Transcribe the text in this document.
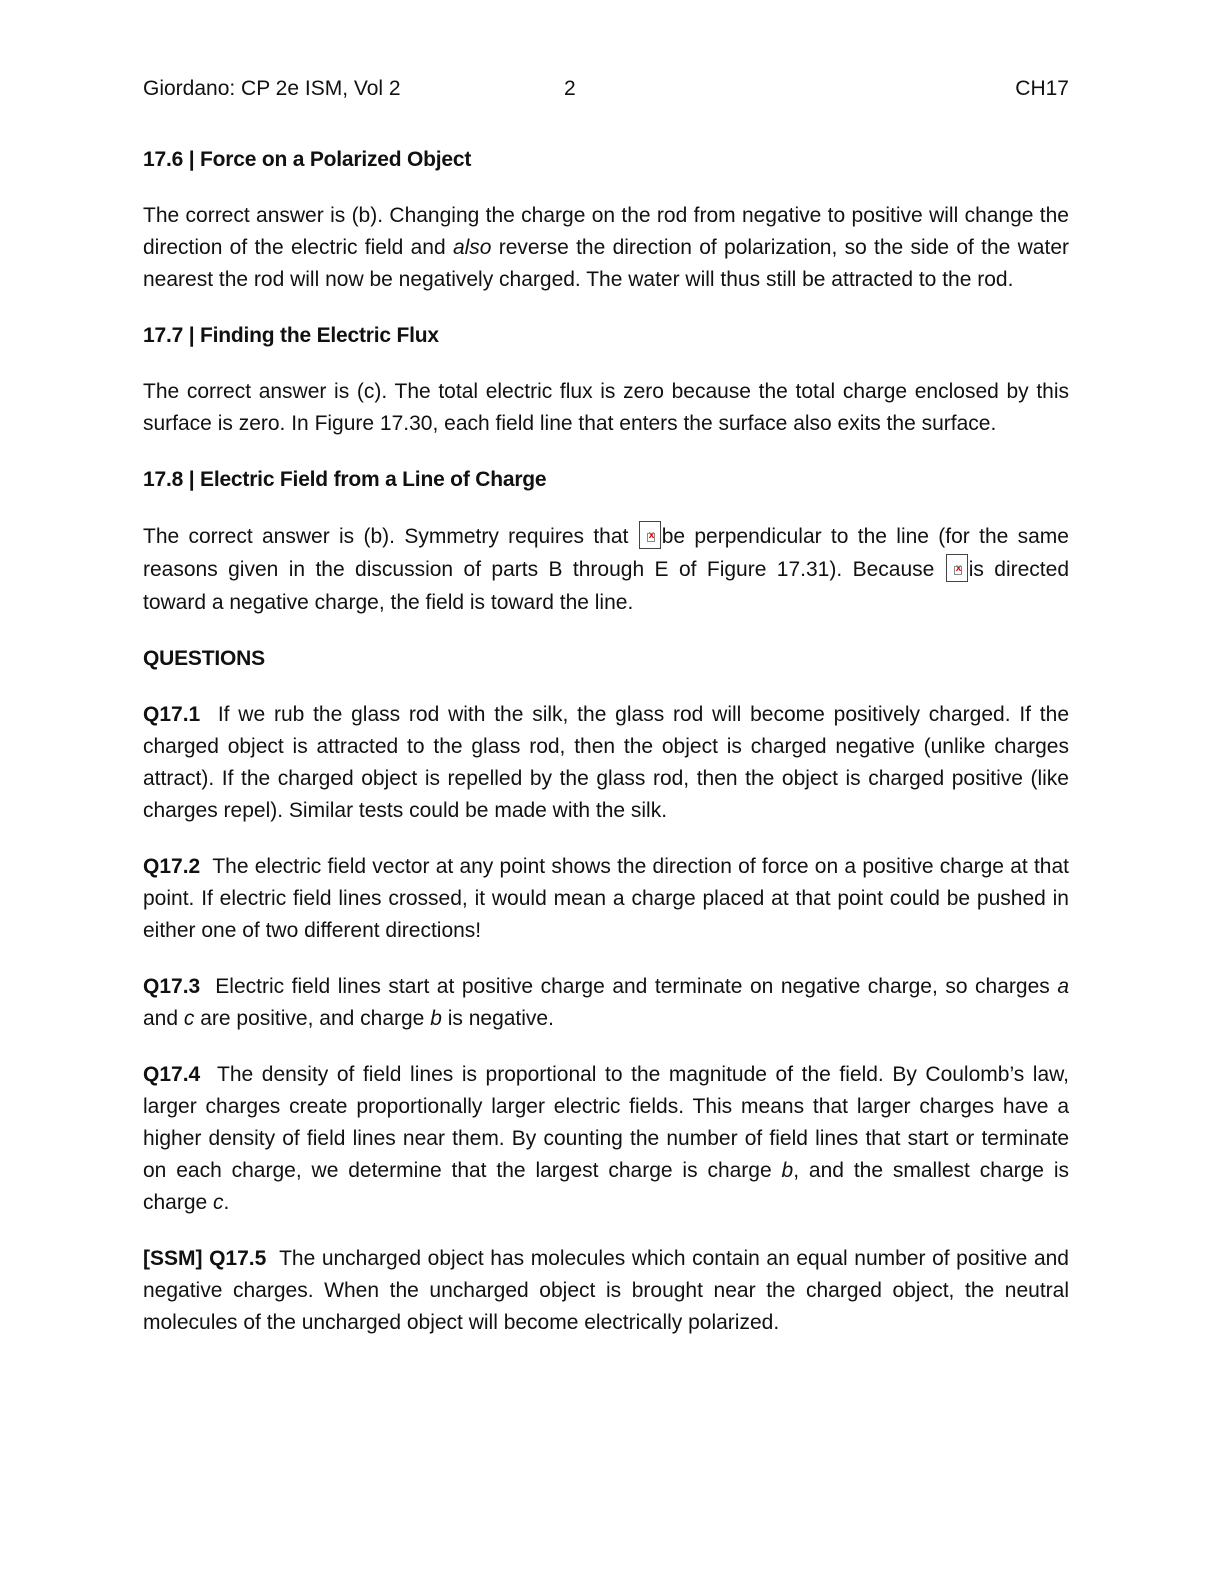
Giordano: CP 2e ISM, Vol 2	2	CH17
17.6 | Force on a Polarized Object

The correct answer is (b). Changing the charge on the rod from negative to positive will change the direction of the electric field and also reverse the direction of polarization, so the side of the water nearest the rod will now be negatively charged. The water will thus still be attracted to the rod.

17.7 | Finding the Electric Flux

The correct answer is (c). The total electric flux is zero because the total charge enclosed by this surface is zero. In Figure 17.30, each field line that enters the surface also exits the surface.

17.8 | Electric Field from a Line of Charge

The correct answer is (b). Symmetry requires that x be perpendicular to the line (for the same reasons given in the discussion of parts B through E of Figure 17.31). Because x is directed toward a negative charge, the field is toward the line.

QUESTIONS

Q17.1 If we rub the glass rod with the silk, the glass rod will become positively charged. If the charged object is attracted to the glass rod, then the object is charged negative (unlike charges attract). If the charged object is repelled by the glass rod, then the object is charged positive (like charges repel). Similar tests could be made with the silk.

Q17.2 The electric field vector at any point shows the direction of force on a positive charge at that point. If electric field lines crossed, it would mean a charge placed at that point could be pushed in either one of two different directions!

Q17.3 Electric field lines start at positive charge and terminate on negative charge, so charges a and c are positive, and charge b is negative.

Q17.4 The density of field lines is proportional to the magnitude of the field. By Coulomb’s law, larger charges create proportionally larger electric fields. This means that larger charges have a higher density of field lines near them. By counting the number of field lines that start or terminate on each charge, we determine that the largest charge is charge b, and the smallest charge is charge c.

[SSM] Q17.5 The uncharged object has molecules which contain an equal number of positive and negative charges. When the uncharged object is brought near the charged object, the neutral molecules of the uncharged object will become electrically polarized.
